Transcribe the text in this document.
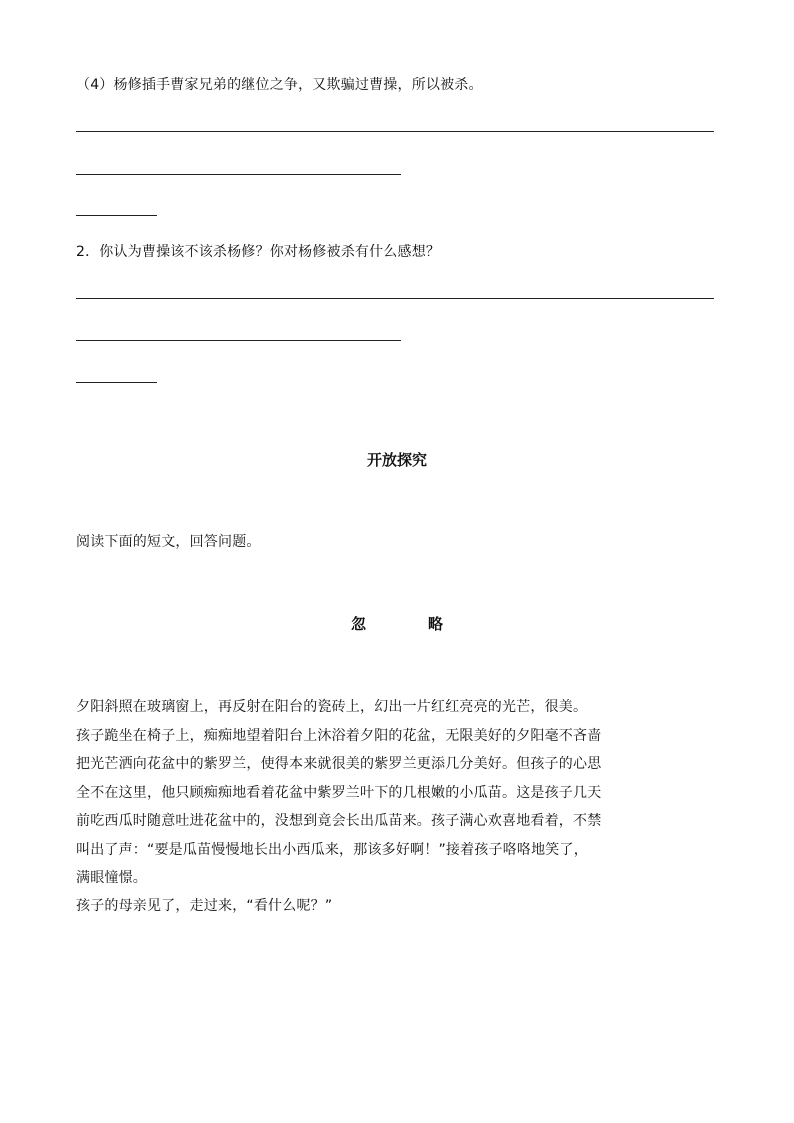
（4）杨修插手曹家兄弟的继位之争，又欺骗过曹操，所以被杀。
2．你认为曹操该不该杀杨修？你对杨修被杀有什么感想？
开放探究
阅读下面的短文，回答问题。
忽略
夕阳斜照在玻璃窗上，再反射在阳台的瓷砖上，幻出一片红红亮亮的光芒，很美。
孩子跪坐在椅子上，痴痴地望着阳台上沐浴着夕阳的花盆，无限美好的夕阳毫不吝啬
把光芒洒向花盆中的紫罗兰，使得本来就很美的紫罗兰更添几分美好。但孩子的心思
全不在这里，他只顾痴痴地看着花盆中紫罗兰叶下的几根嫩的小瓜苗。这是孩子几天
前吃西瓜时随意吐进花盆中的，没想到竟会长出瓜苗来。孩子满心欢喜地看着，不禁
叫出了声：“要是瓜苗慢慢地长出小西瓜来，那该多好啊！”接着孩子咯咯地笑了，
满眼憧憬。
孩子的母亲见了，走过来，“看什么呢？”
